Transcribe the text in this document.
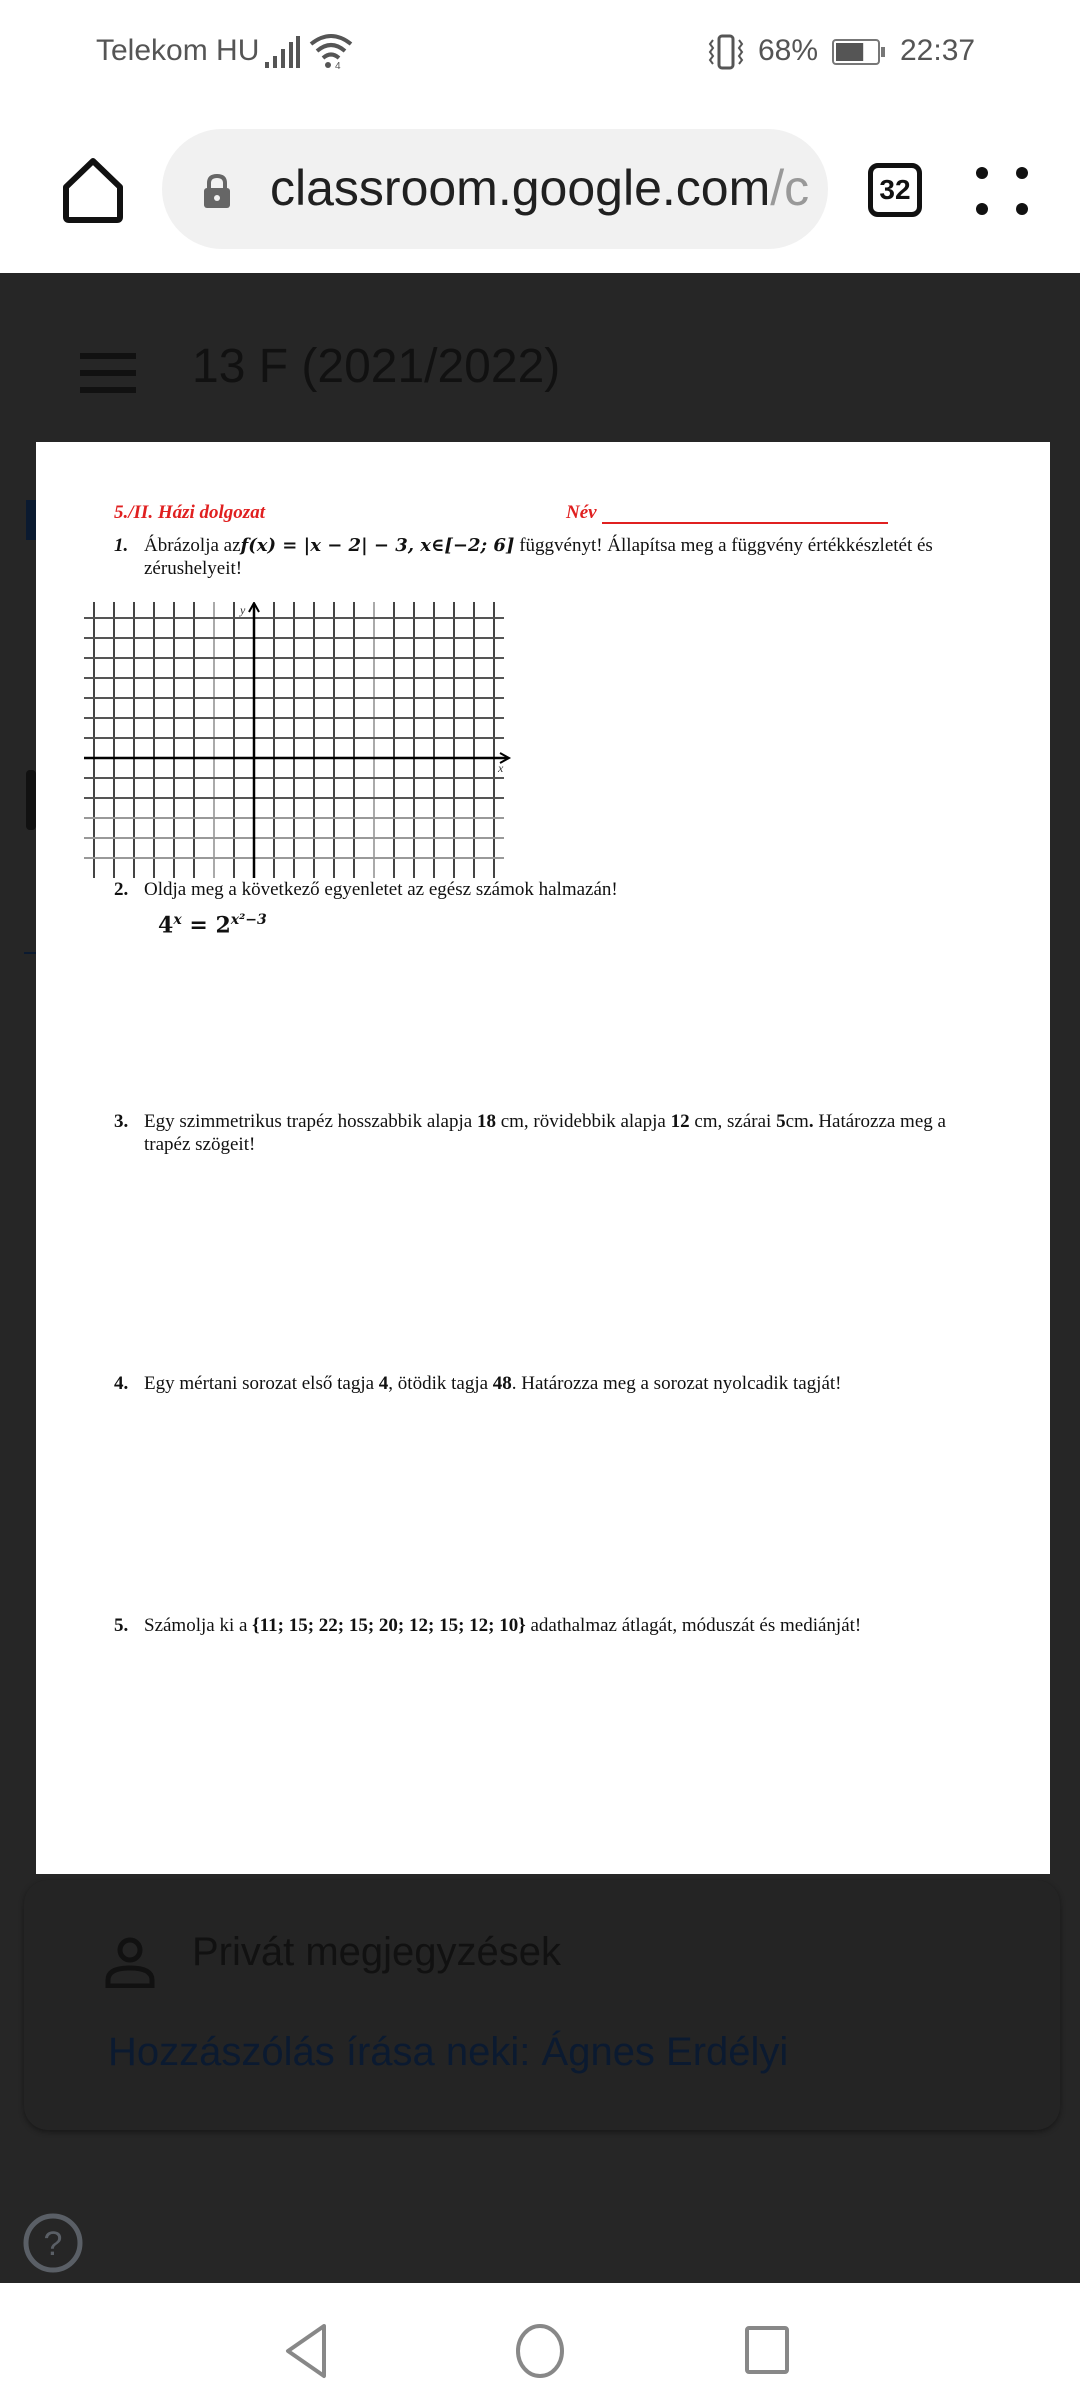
Telekom HU	4	68%	22:37
classroom.google.com/c	32
13 F (2021/2022)
Privát megjegyzések
Hozzászólás írása neki: Ágnes Erdélyi
?
5./II. Házi dolgozat	Név
1. Ábrázolja azf(x) = |x − 2| − 3, x∈[−2; 6] függvényt! Állapítsa meg a függvény értékkészletét és
zérushelyeit!
y
x
2. Oldja meg a következő egyenletet az egész számok halmazán!
$4^x = 2^{x^2-3}$
3. Egy szimmetrikus trapéz hosszabbik alapja 18 cm, rövidebbik alapja 12 cm, szárai 5cm. Határozza meg a
trapéz szögeit!
4. Egy mértani sorozat első tagja 4, ötödik tagja 48. Határozza meg a sorozat nyolcadik tagját!
5. Számolja ki a {11; 15; 22; 15; 20; 12; 15; 12; 10} adathalmaz átlagát, móduszát és mediánját!
